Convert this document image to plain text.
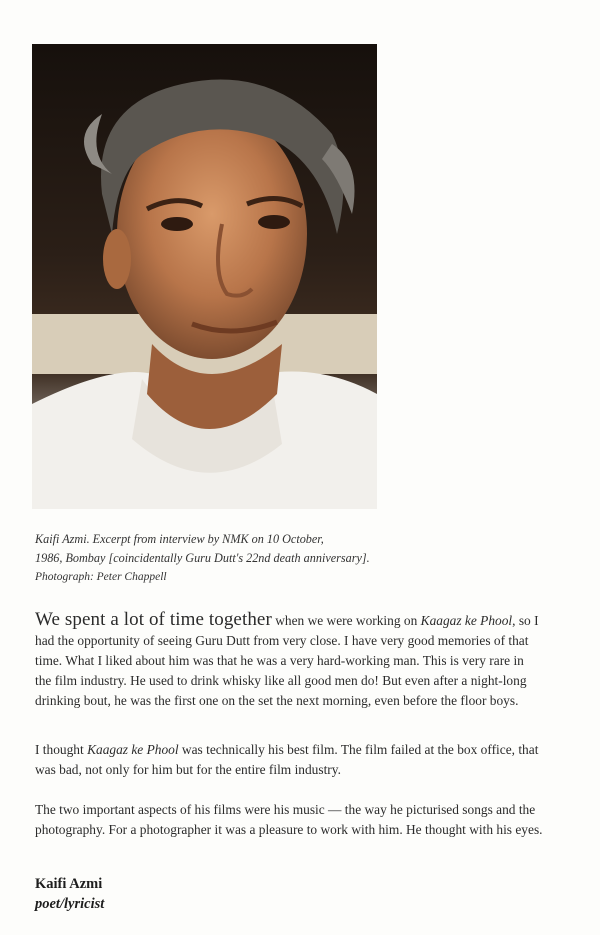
Kaifi Azmi. Excerpt from interview by NMK on 10 October,
1986, Bombay [coincidentally Guru Dutt's 22nd death anniversary].
Photograph: Peter Chappell
We spent a lot of time together when we were working on Kaagaz ke Phool, so I had the opportunity of seeing Guru Dutt from very close. I have very good memories of that time. What I liked about him was that he was a very hard-working man. This is very rare in the film industry. He used to drink whisky like all good men do! But even after a night-long drinking bout, he was the first one on the set the next morning, even before the floor boys.
I thought Kaagaz ke Phool was technically his best film. The film failed at the box office, that was bad, not only for him but for the entire film industry.
The two important aspects of his films were his music — the way he picturised songs and the photography. For a photographer it was a pleasure to work with him. He thought with his eyes.
Kaifi Azmi
poet/lyricist
